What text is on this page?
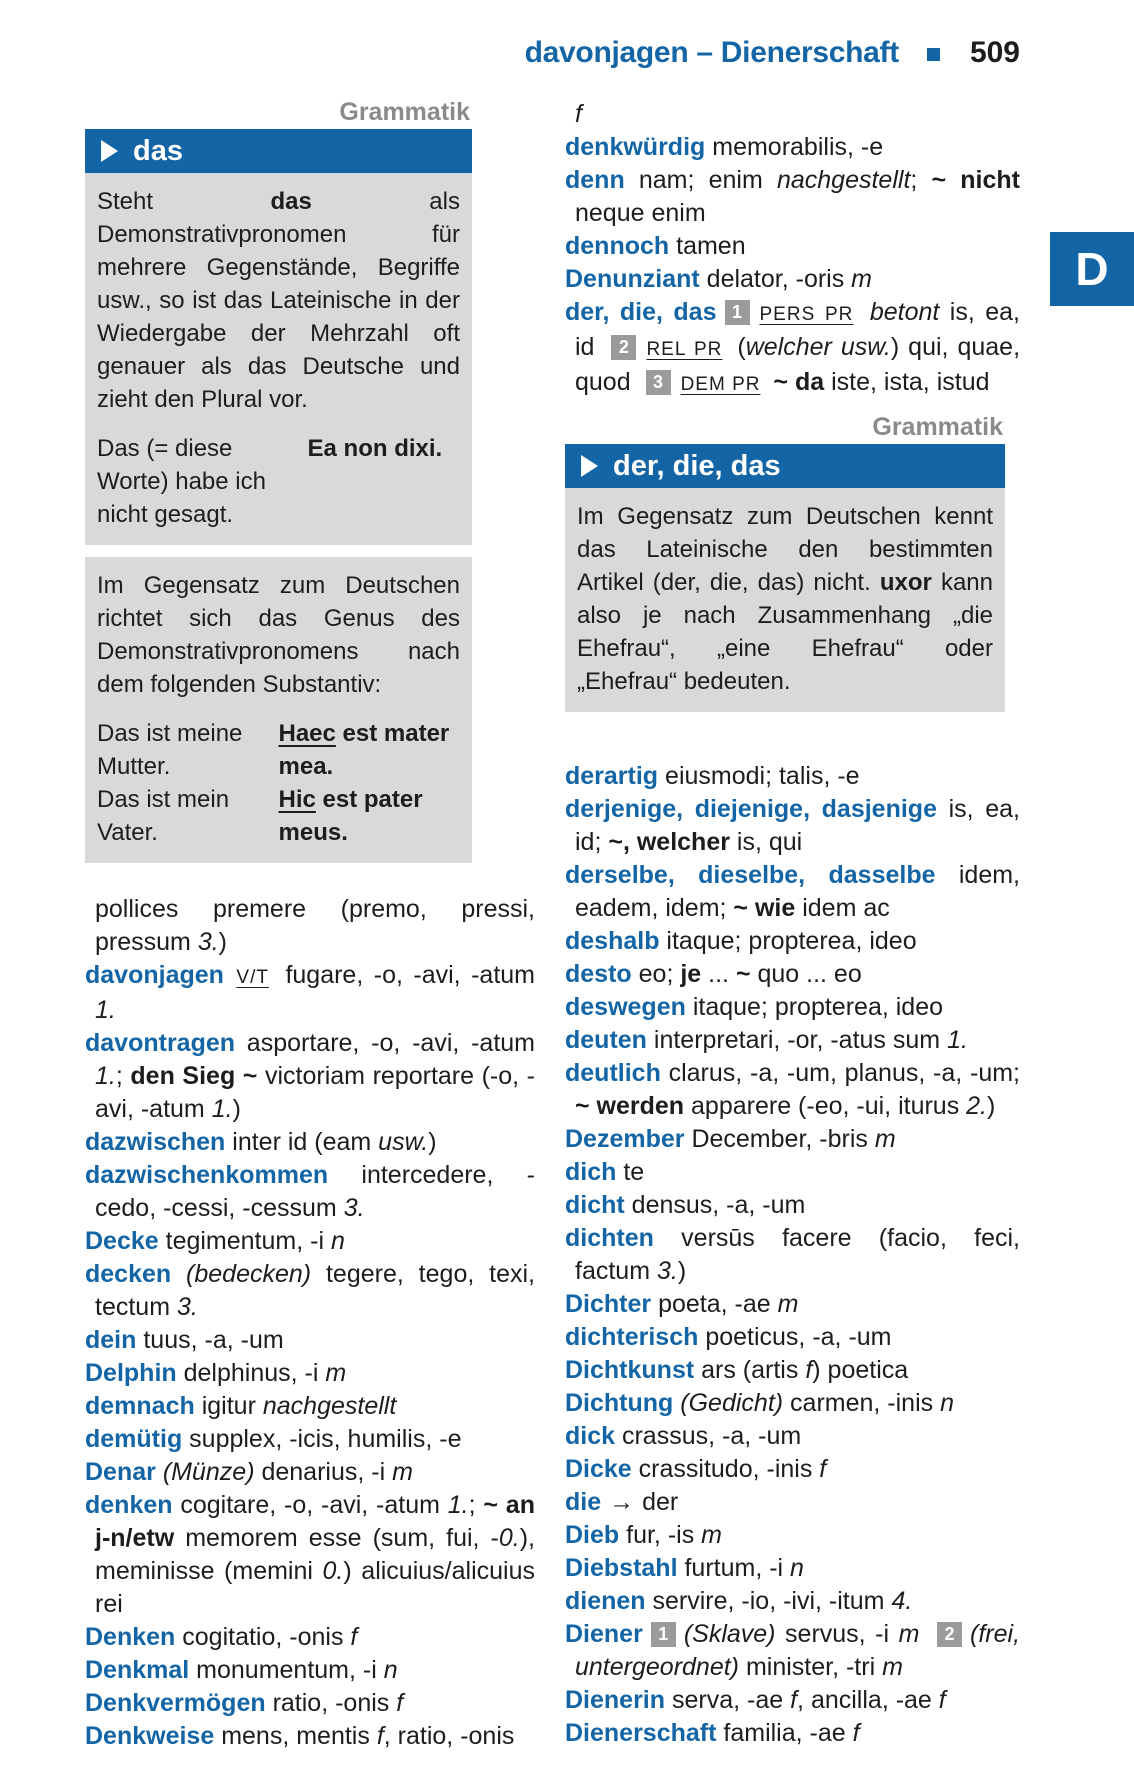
davonjagen – Dienerschaft 509
D
Grammatik
das

Steht das als Demonstrativpronomen für mehrere Gegenstände, Begriffe usw., so ist das Lateinische in der Wiedergabe der Mehrzahl oft genauer als das Deutsche und zieht den Plural vor.

Das (= diese Worte) habe ich nicht gesagt.
Ea non dixi.

Im Gegensatz zum Deutschen richtet sich das Genus des Demonstrativpronomens nach dem folgenden Substantiv:

Das ist meine Mutter.
Haec est mater mea.
Das ist mein Vater.
Hic est pater meus.

pollices premere (premo, pressi, pressum 3.)

davonjagen V/T fugare, -o, -avi, -atum 1.

davontragen asportare, -o, -avi, -atum 1.; den Sieg ~ victoriam reportare (-o, -avi, -atum 1.)

dazwischen inter id (eam usw.)

dazwischenkommen intercedere, -cedo, -cessi, -cessum 3.

Decke tegimentum, -i n

decken (bedecken) tegere, tego, texi, tectum 3.

dein tuus, -a, -um

Delphin delphinus, -i m

demnach igitur nachgestellt

demütig supplex, -icis, humilis, -e

Denar (Münze) denarius, -i m

denken cogitare, -o, -avi, -atum 1.; ~ an j-n/etw memorem esse (sum, fui, -0.), meminisse (memini 0.) alicuius/alicuius rei

Denken cogitatio, -onis f

Denkmal monumentum, -i n

Denkvermögen ratio, -onis f

Denkweise mens, mentis f, ratio, -onis

f

denkwürdig memorabilis, -e

denn nam; enim nachgestellt; ~ nicht neque enim

dennoch tamen

Denunziant delator, -oris m

der, die, das 1 PERS PR betont is, ea, id 2 REL PR (welcher usw.) qui, quae, quod 3 DEM PR ~ da iste, ista, istud

Grammatik
der, die, das

Im Gegensatz zum Deutschen kennt das Lateinische den bestimmten Artikel (der, die, das) nicht. uxor kann also je nach Zusammenhang „die Ehefrau“, „eine Ehefrau“ oder „Ehefrau“ bedeuten.

derartig eiusmodi; talis, -e

derjenige, diejenige, dasjenige is, ea, id; ~, welcher is, qui

derselbe, dieselbe, dasselbe idem, eadem, idem; ~ wie idem ac

deshalb itaque; propterea, ideo

desto eo; je ... ~ quo ... eo

deswegen itaque; propterea, ideo

deuten interpretari, -or, -atus sum 1.

deutlich clarus, -a, -um, planus, -a, -um; ~ werden apparere (-eo, -ui, iturus 2.)

Dezember December, -bris m

dich te

dicht densus, -a, -um

dichten versūs facere (facio, feci, factum 3.)

Dichter poeta, -ae m

dichterisch poeticus, -a, -um

Dichtkunst ars (artis f) poetica

Dichtung (Gedicht) carmen, -inis n

dick crassus, -a, -um

Dicke crassitudo, -inis f

die → der

Dieb fur, -is m

Diebstahl furtum, -i n

dienen servire, -io, -ivi, -itum 4.

Diener 1 (Sklave) servus, -i m 2 (frei, untergeordnet) minister, -tri m

Dienerin serva, -ae f, ancilla, -ae f

Dienerschaft familia, -ae f
